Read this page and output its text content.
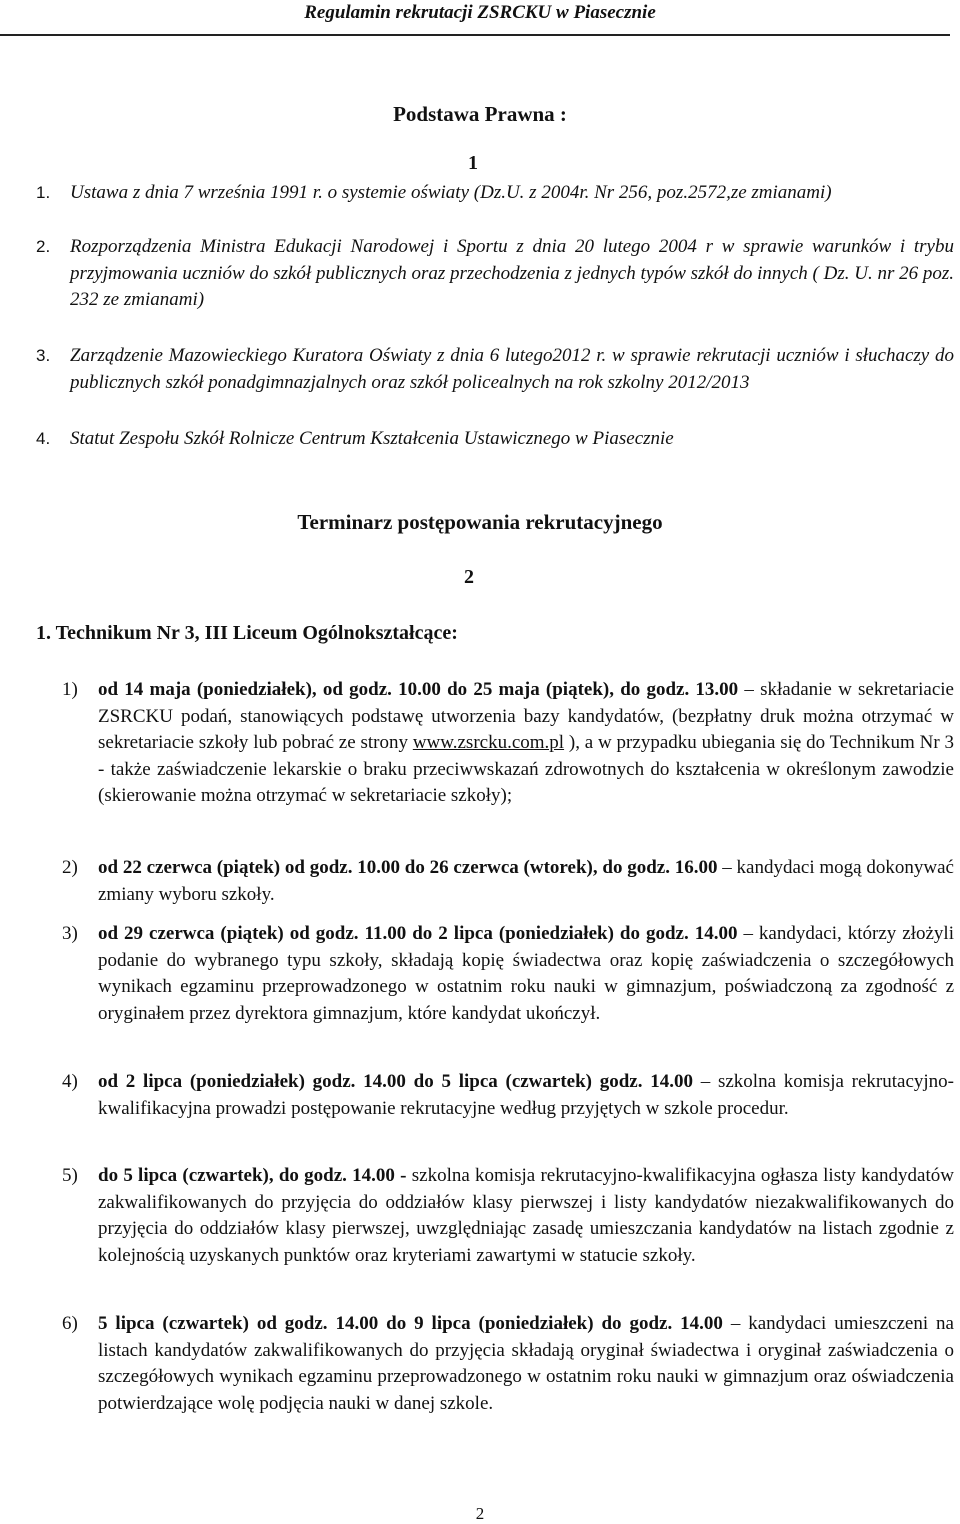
Regulamin rekrutacji ZSRCKU w Piasecznie
Podstawa Prawna :
1
1. Ustawa z dnia 7 września 1991 r. o systemie oświaty (Dz.U. z 2004r. Nr 256, poz.2572,ze zmianami)
2. Rozporządzenia Ministra Edukacji Narodowej i Sportu z dnia 20 lutego 2004 r w sprawie warunków i trybu przyjmowania uczniów do szkół publicznych oraz przechodzenia z jednych typów szkół do innych ( Dz. U. nr 26 poz. 232 ze zmianami)
3. Zarządzenie Mazowieckiego Kuratora Oświaty z dnia 6 lutego2012 r. w sprawie rekrutacji uczniów i słuchaczy do publicznych szkół ponadgimnazjalnych oraz szkół policealnych na rok szkolny 2012/2013
4. Statut Zespołu Szkół Rolnicze Centrum Kształcenia Ustawicznego w Piasecznie
Terminarz postępowania rekrutacyjnego
2
1. Technikum Nr 3, III Liceum Ogólnokształcące:
1) od 14 maja (poniedziałek), od godz. 10.00 do 25 maja (piątek), do godz. 13.00 – składanie w sekretariacie ZSRCKU podań, stanowiących podstawę utworzenia bazy kandydatów, (bezpłatny druk można otrzymać w sekretariacie szkoły lub pobrać ze strony www.zsrcku.com.pl ), a w przypadku ubiegania się do Technikum Nr 3 - także zaświadczenie lekarskie o braku przeciwwskazań zdrowotnych do kształcenia w określonym zawodzie (skierowanie można otrzymać w sekretariacie szkoły);
2) od 22 czerwca (piątek) od godz. 10.00 do 26 czerwca (wtorek), do godz. 16.00 – kandydaci mogą dokonywać zmiany wyboru szkoły.
3) od 29 czerwca (piątek) od godz. 11.00 do 2 lipca (poniedziałek) do godz. 14.00 – kandydaci, którzy złożyli podanie do wybranego typu szkoły, składają kopię świadectwa oraz kopię zaświadczenia o szczegółowych wynikach egzaminu przeprowadzonego w ostatnim roku nauki w gimnazjum, poświadczoną za zgodność z oryginałem przez dyrektora gimnazjum, które kandydat ukończył.
4) od 2 lipca (poniedziałek) godz. 14.00 do 5 lipca (czwartek) godz. 14.00 – szkolna komisja rekrutacyjno-kwalifikacyjna prowadzi postępowanie rekrutacyjne według przyjętych w szkole procedur.
5) do 5 lipca (czwartek), do godz. 14.00 - szkolna komisja rekrutacyjno-kwalifikacyjna ogłasza listy kandydatów zakwalifikowanych do przyjęcia do oddziałów klasy pierwszej i listy kandydatów niezakwalifikowanych do przyjęcia do oddziałów klasy pierwszej, uwzględniając zasadę umieszczania kandydatów na listach zgodnie z kolejnością uzyskanych punktów oraz kryteriami zawartymi w statucie szkoły.
6) 5 lipca (czwartek) od godz. 14.00 do 9 lipca (poniedziałek) do godz. 14.00 – kandydaci umieszczeni na listach kandydatów zakwalifikowanych do przyjęcia składają oryginał świadectwa i oryginał zaświadczenia o szczegółowych wynikach egzaminu przeprowadzonego w ostatnim roku nauki w gimnazjum oraz oświadczenia potwierdzające wolę podjęcia nauki w danej szkole.
2
